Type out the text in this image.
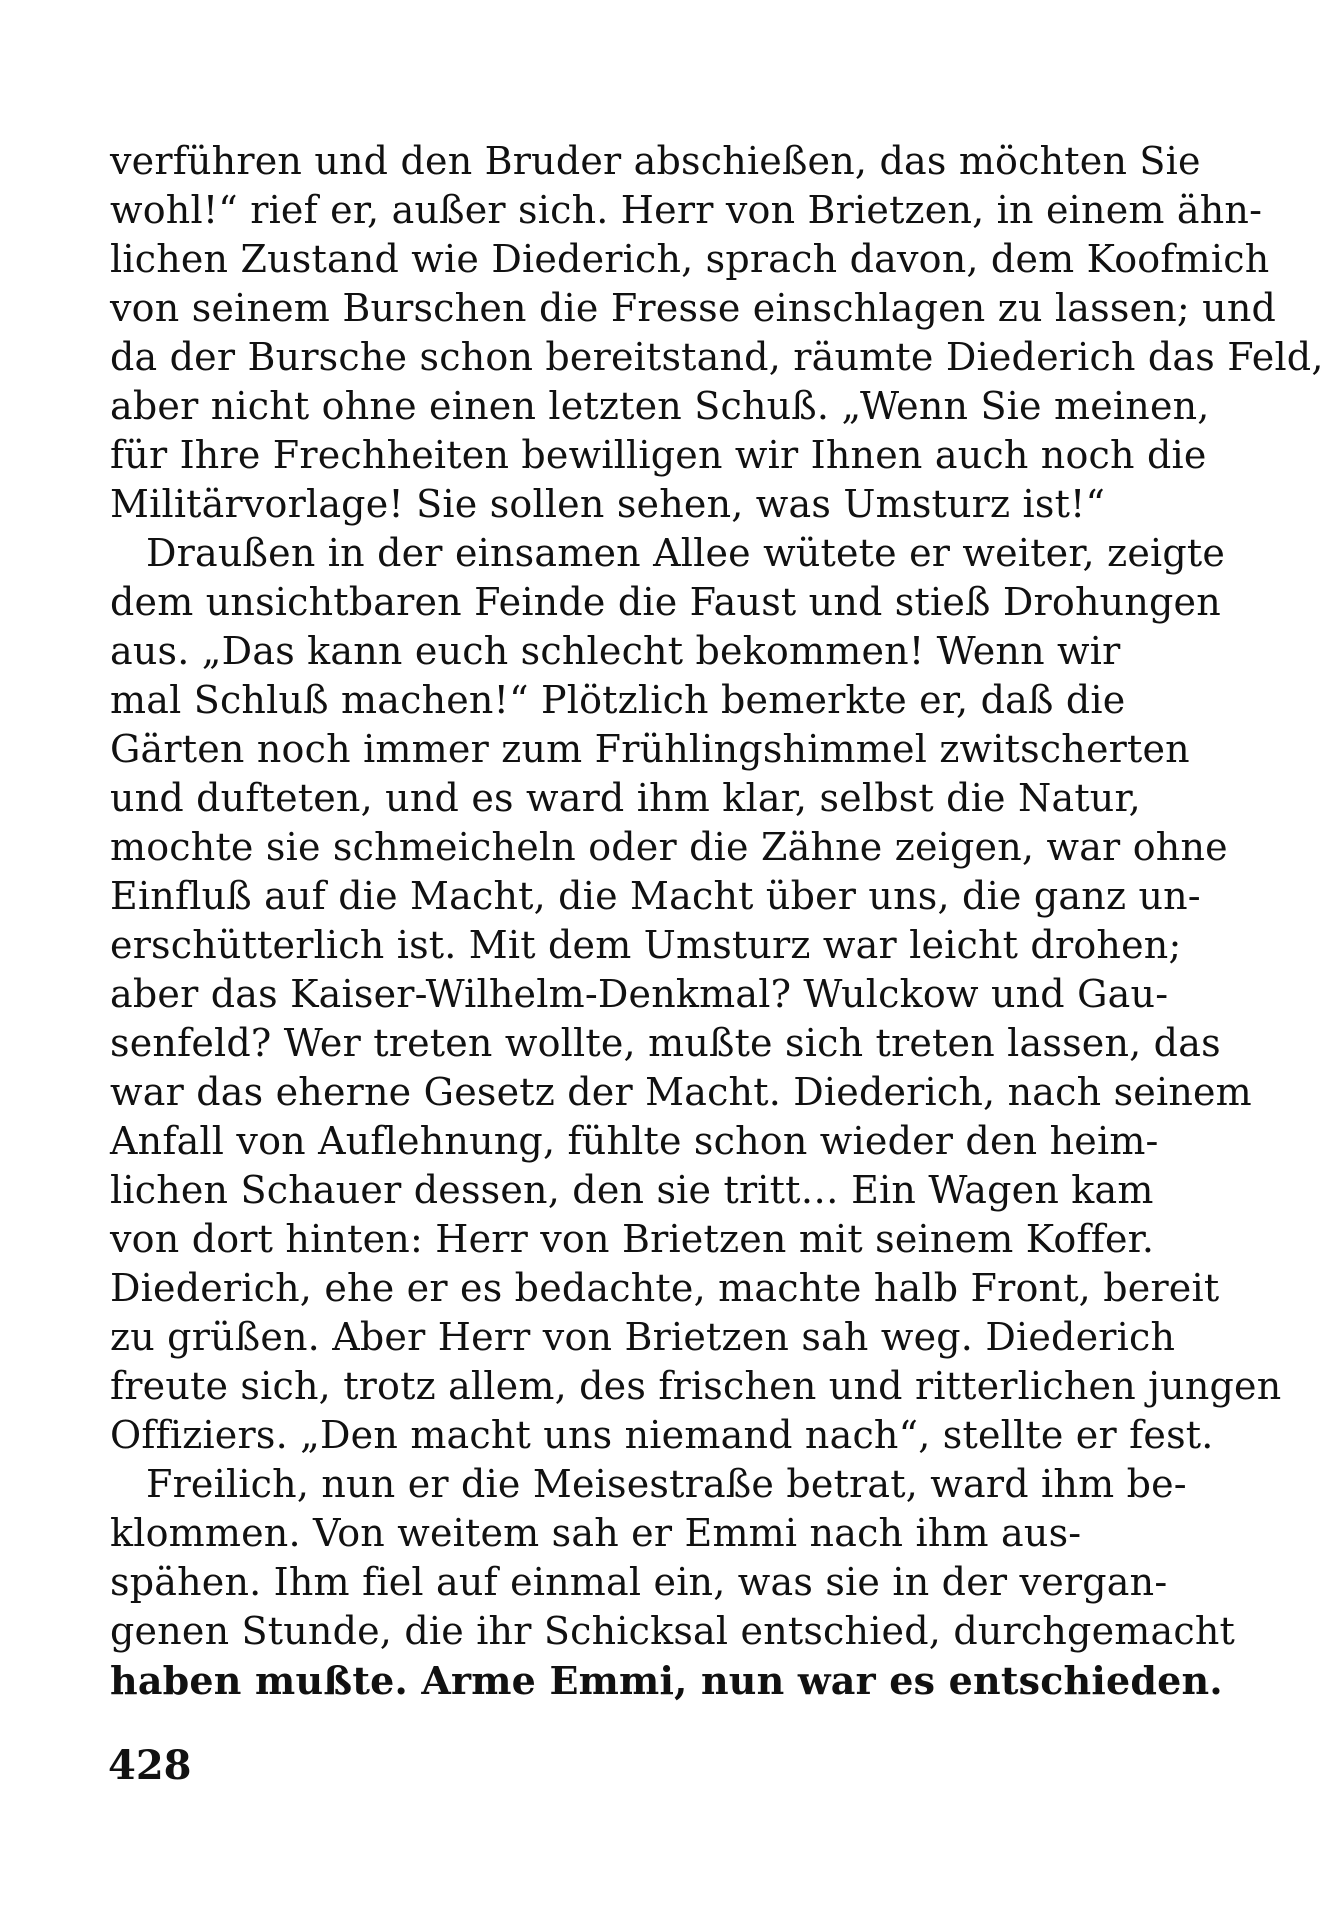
verführen und den Bruder abschießen, das möchten Sie
wohl!“ rief er, außer sich. Herr von Brietzen, in einem ähn-
lichen Zustand wie Diederich, sprach davon, dem Koofmich
von seinem Burschen die Fresse einschlagen zu lassen; und
da der Bursche schon bereitstand, räumte Diederich das Feld,
aber nicht ohne einen letzten Schuß. „Wenn Sie meinen,
für Ihre Frechheiten bewilligen wir Ihnen auch noch die
Militärvorlage! Sie sollen sehen, was Umsturz ist!“
Draußen in der einsamen Allee wütete er weiter, zeigte
dem unsichtbaren Feinde die Faust und stieß Drohungen
aus. „Das kann euch schlecht bekommen! Wenn wir
mal Schluß machen!“ Plötzlich bemerkte er, daß die
Gärten noch immer zum Frühlingshimmel zwitscherten
und dufteten, und es ward ihm klar, selbst die Natur,
mochte sie schmeicheln oder die Zähne zeigen, war ohne
Einfluß auf die Macht, die Macht über uns, die ganz un-
erschütterlich ist. Mit dem Umsturz war leicht drohen;
aber das Kaiser-Wilhelm-Denkmal? Wulckow und Gau-
senfeld? Wer treten wollte, mußte sich treten lassen, das
war das eherne Gesetz der Macht. Diederich, nach seinem
Anfall von Auflehnung, fühlte schon wieder den heim-
lichen Schauer dessen, den sie tritt… Ein Wagen kam
von dort hinten: Herr von Brietzen mit seinem Koffer.
Diederich, ehe er es bedachte, machte halb Front, bereit
zu grüßen. Aber Herr von Brietzen sah weg. Diederich
freute sich, trotz allem, des frischen und ritterlichen jungen
Offiziers. „Den macht uns niemand nach“, stellte er fest.
Freilich, nun er die Meisestraße betrat, ward ihm be-
klommen. Von weitem sah er Emmi nach ihm aus-
spähen. Ihm fiel auf einmal ein, was sie in der vergan-
genen Stunde, die ihr Schicksal entschied, durchgemacht
haben mußte. Arme Emmi, nun war es entschieden.
428
